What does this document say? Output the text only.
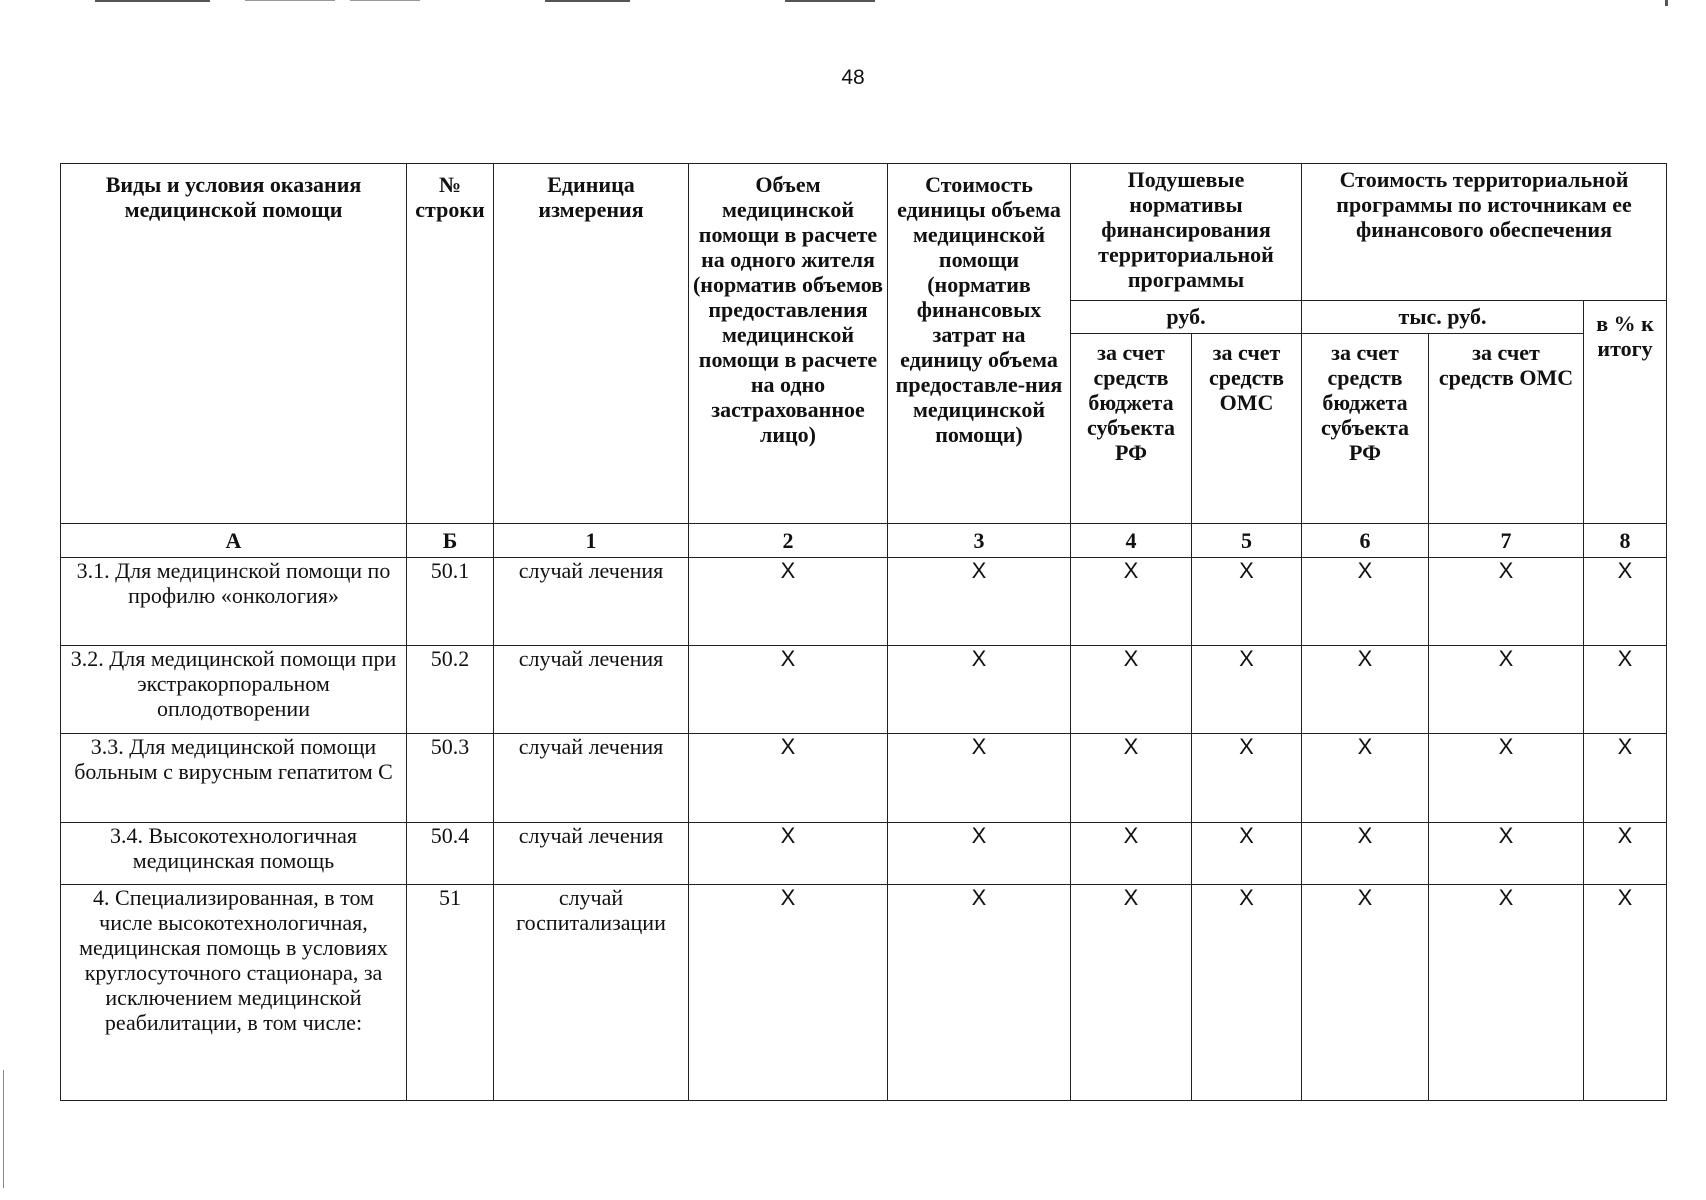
48
Виды и условия оказания медицинской помощи	№ строки	Единица измерения	Объем медицинской помощи в расчете на одного жителя (норматив объемов предоставления медицинской помощи в расчете на одно застрахованное лицо)	Стоимость единицы объема медицинской помощи (норматив финансовых затрат на единицу объема предоставле-ния медицинской помощи)	Подушевые нормативы финансирования территориальной программы		Стоимость территориальной программы по источникам ее финансового обеспечения		
					руб.		тыс. руб.		в % к итогу
					за счет средств бюджета субъекта РФ	за счет средств ОМС	за счет средств бюджета субъекта РФ	за счет средств ОМС	
А	Б	1	2	3	4	5	6	7	8
3.1. Для медицинской помощи по профилю «онкология»	50.1	случай лечения	Х	Х	Х	Х	Х	Х	Х
3.2. Для медицинской помощи при экстракорпоральном оплодотворении	50.2	случай лечения	Х	Х	Х	Х	Х	Х	Х
3.3. Для медицинской помощи больным с вирусным гепатитом С	50.3	случай лечения	Х	Х	Х	Х	Х	Х	Х
3.4. Высокотехнологичная медицинская помощь	50.4	случай лечения	Х	Х	Х	Х	Х	Х	Х
4. Специализированная, в том числе высокотехнологичная, медицинская помощь в условиях круглосуточного стационара, за исключением медицинской реабилитации, в том числе:	51	случай госпитализации	Х	Х	Х	Х	Х	Х	Х
